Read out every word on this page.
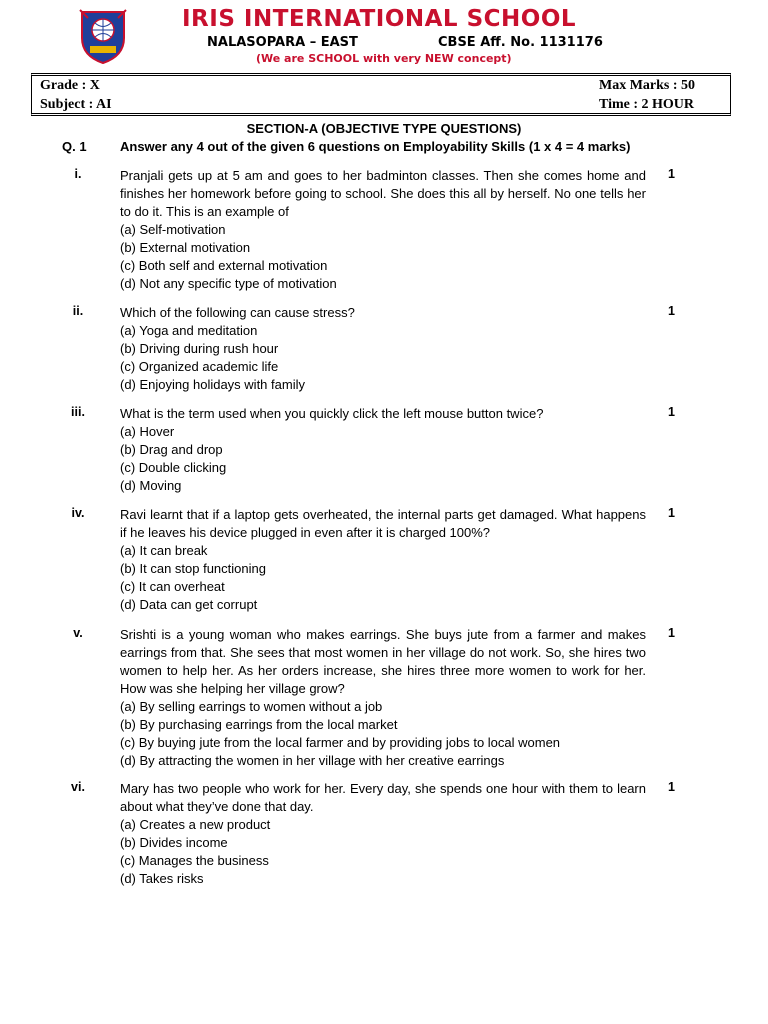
IRIS INTERNATIONAL SCHOOL
NALASOPARA – EAST	CBSE Aff. No. 1131176
(We are SCHOOL with very NEW concept)
Grade : X
Subject : AI
Max Marks : 50
Time : 2 HOUR
SECTION-A (OBJECTIVE TYPE QUESTIONS)
Q. 1	Answer any 4 out of the given 6 questions on Employability Skills (1 x 4 = 4 marks)
i.	Pranjali gets up at 5 am and goes to her badminton classes. Then she comes home and finishes her homework before going to school. She does this all by herself. No one tells her to do it. This is an example of

(a) Self-motivation

(b) External motivation

(c) Both self and external motivation

(d) Not any specific type of motivation

1
ii.	Which of the following can cause stress?

(a) Yoga and meditation

(b) Driving during rush hour

(c) Organized academic life

(d) Enjoying holidays with family

1
iii.	What is the term used when you quickly click the left mouse button twice?

(a) Hover

(b) Drag and drop

(c) Double clicking

(d) Moving

1
iv.	Ravi learnt that if a laptop gets overheated, the internal parts get damaged. What happens if he leaves his device plugged in even after it is charged 100%?

(a) It can break

(b) It can stop functioning

(c) It can overheat

(d) Data can get corrupt

1
v.	Srishti is a young woman who makes earrings. She buys jute from a farmer and makes earrings from that. She sees that most women in her village do not work. So, she hires two women to help her. As her orders increase, she hires three more women to work for her. How was she helping her village grow?

(a) By selling earrings to women without a job

(b) By purchasing earrings from the local market

(c) By buying jute from the local farmer and by providing jobs to local women

(d) By attracting the women in her village with her creative earrings

1
vi.	Mary has two people who work for her. Every day, she spends one hour with them to learn about what they’ve done that day.

(a) Creates a new product

(b) Divides income

(c) Manages the business

(d) Takes risks

1
